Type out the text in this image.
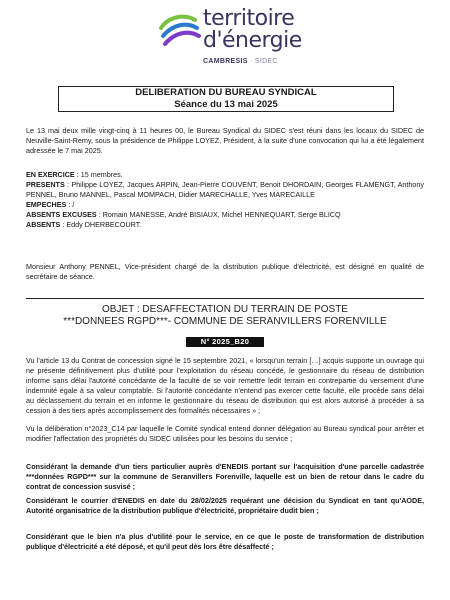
territoire
d'énergie
CAMBRESIS · SIDEC
DELIBERATION DU BUREAU SYNDICAL
Séance du 13 mai 2025
Le 13 mai deux mille vingt-cinq à 11 heures 00, le Bureau Syndical du SIDEC s'est réuni dans les locaux du SIDEC de Neuville-Saint-Remy, sous la présidence de Philippe LOYEZ, Président, à la suite d'une convocation qui lui a été légalement adressée le 7 mai 2025.
EN EXERCICE : 15 membres.
PRESENTS : Philippe LOYEZ, Jacques ARPIN, Jean-Pierre COUVENT, Benoit DHORDAIN, Georges FLAMENGT, Anthony PENNEL, Bruno MANNEL, Pascal MOMPACH, Didier MARECHALLE, Yves MARECAILLE
EMPECHES : /
ABSENTS EXCUSES : Romain MANESSE, André BISIAUX, Michel HENNEQUART, Serge BLICQ
ABSENTS : Eddy DHERBECOURT.
Monsieur Anthony PENNEL, Vice-président chargé de la distribution publique d'électricité, est désigné en qualité de secrétaire de séance.
OBJET : DESAFFECTATION DU TERRAIN DE POSTE
***DONNEES RGPD***- COMMUNE DE SERANVILLERS FORENVILLE
N° 2025_B20
Vu l'article 13 du Contrat de concession signé le 15 septembre 2021, « lorsqu'un terrain […] acquis supporte un ouvrage qui ne présente définitivement plus d'utilité pour l'exploitation du réseau concédé, le gestionnaire du réseau de distribution informe sans délai l'autorité concédante de la faculté de se voir remettre ledit terrain en contrepartie du versement d'une indemnité égale à sa valeur comptable. Si l'autorité concédante n'entend pas exercer cette faculté, elle procède sans délai au déclassement du terrain et en informe le gestionnaire du réseau de distribution qui est alors autorisé à procéder à sa cession à des tiers après accomplissement des formalités nécessaires » ;
Vu la délibération n°2023_C14 par laquelle le Comité syndical entend donner délégation au Bureau syndical pour arrêter et modifier l'affectation des propriétés du SIDEC utilisées pour les besoins du service ;
Considérant la demande d'un tiers particulier auprès d'ENEDIS portant sur l'acquisition d'une parcelle cadastrée ***données RGPD*** sur la commune de Seranvillers Forenville, laquelle est un bien de retour dans le cadre du contrat de concession susvisé ;
Considérant le courrier d'ENEDIS en date du 28/02/2025 requérant une décision du Syndicat en tant qu'AODE, Autorité organisatrice de la distribution publique d'électricité, propriétaire dudit bien ;
Considérant que le bien n'a plus d'utilité pour le service, en ce que le poste de transformation de distribution publique d'électricité a été déposé, et qu'il peut dès lors être désaffecté ;
